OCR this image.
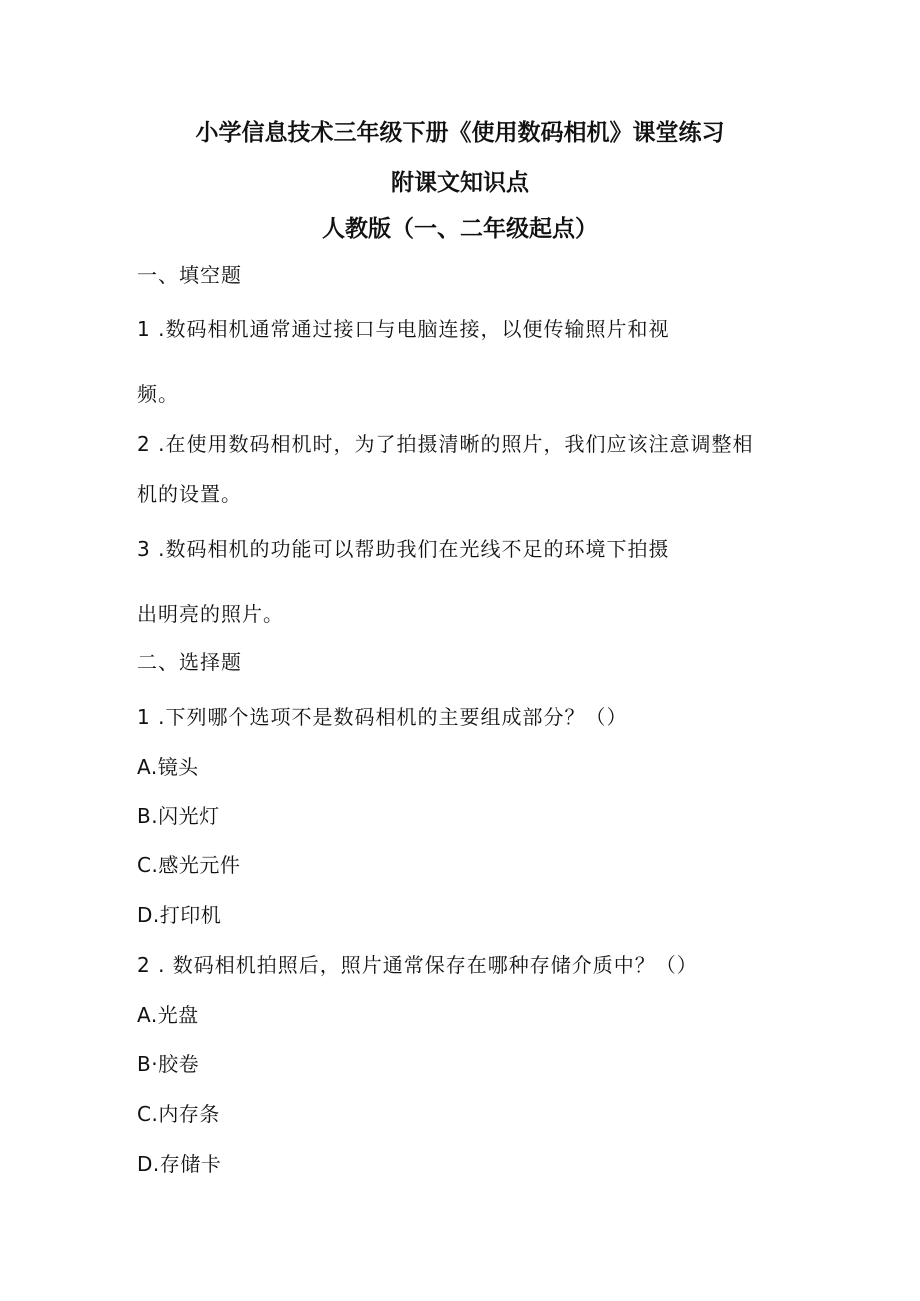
小学信息技术三年级下册《使用数码相机》课堂练习
附课文知识点
人教版（一、二年级起点）
一、填空题
1 .数码相机通常通过接口与电脑连接，以便传输照片和视
频。
2 .在使用数码相机时，为了拍摄清晰的照片，我们应该注意调整相
机的设置。
3 .数码相机的功能可以帮助我们在光线不足的环境下拍摄
出明亮的照片。
二、选择题
1 .下列哪个选项不是数码相机的主要组成部分？（）
A.镜头
B.闪光灯
C.感光元件
D.打印机
2 . 数码相机拍照后，照片通常保存在哪种存储介质中？（）
A.光盘
B·胶卷
C.内存条
D.存储卡
